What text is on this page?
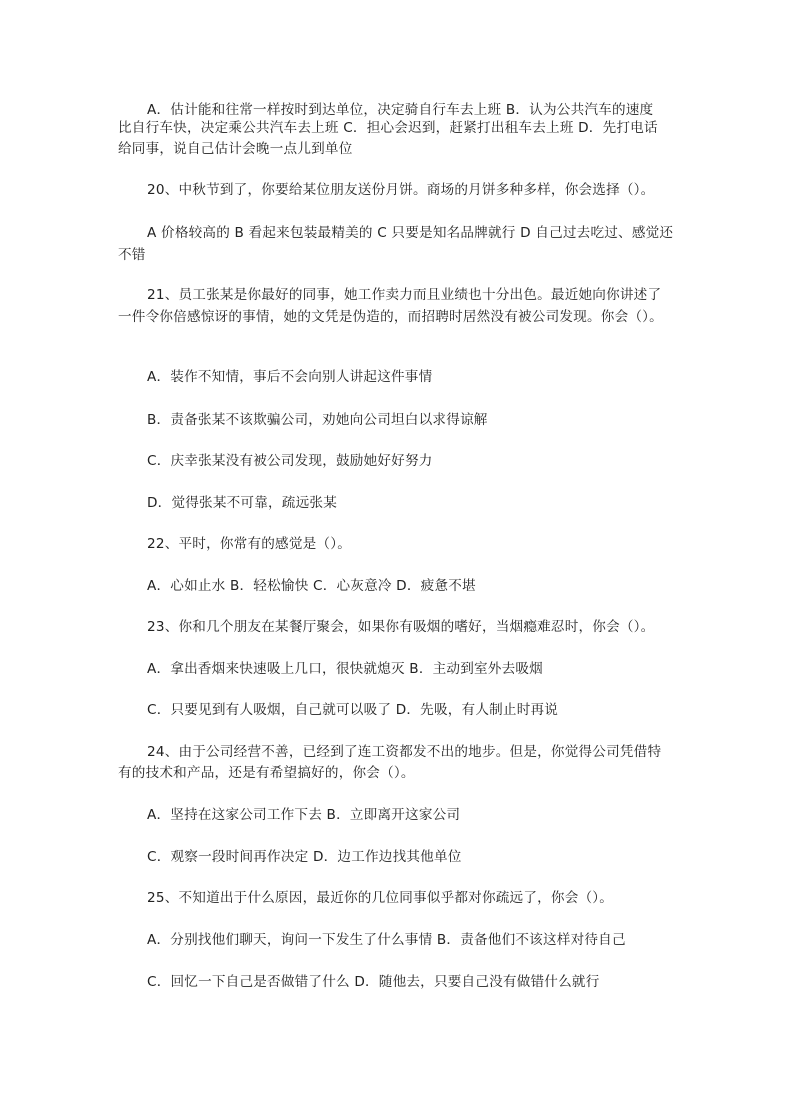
A．估计能和往常一样按时到达单位，决定骑自行车去上班 B．认为公共汽车的速度
比自行车快，决定乘公共汽车去上班 C．担心会迟到，赶紧打出租车去上班 D．先打电话
给同事，说自己估计会晚一点儿到单位
20、中秋节到了，你要给某位朋友送份月饼。商场的月饼多种多样，你会选择（）。
A 价格较高的 B 看起来包装最精美的 C 只要是知名品牌就行 D 自己过去吃过、感觉还
不错
21、员工张某是你最好的同事，她工作卖力而且业绩也十分出色。最近她向你讲述了
一件令你倍感惊讶的事情，她的文凭是伪造的，而招聘时居然没有被公司发现。你会（）。
A．装作不知情，事后不会向别人讲起这件事情
B．责备张某不该欺骗公司，劝她向公司坦白以求得谅解
C．庆幸张某没有被公司发现，鼓励她好好努力
D．觉得张某不可靠，疏远张某
22、平时，你常有的感觉是（）。
A．心如止水 B．轻松愉快 C．心灰意冷 D．疲惫不堪
23、你和几个朋友在某餐厅聚会，如果你有吸烟的嗜好，当烟瘾难忍时，你会（）。
A．拿出香烟来快速吸上几口，很快就熄灭 B．主动到室外去吸烟
C．只要见到有人吸烟，自己就可以吸了 D．先吸，有人制止时再说
24、由于公司经营不善，已经到了连工资都发不出的地步。但是，你觉得公司凭借特
有的技术和产品，还是有希望搞好的，你会（）。
A．坚持在这家公司工作下去 B．立即离开这家公司
C．观察一段时间再作决定 D．边工作边找其他单位
25、不知道出于什么原因，最近你的几位同事似乎都对你疏远了，你会（）。
A．分别找他们聊天，询问一下发生了什么事情 B．责备他们不该这样对待自己
C．回忆一下自己是否做错了什么 D．随他去，只要自己没有做错什么就行
